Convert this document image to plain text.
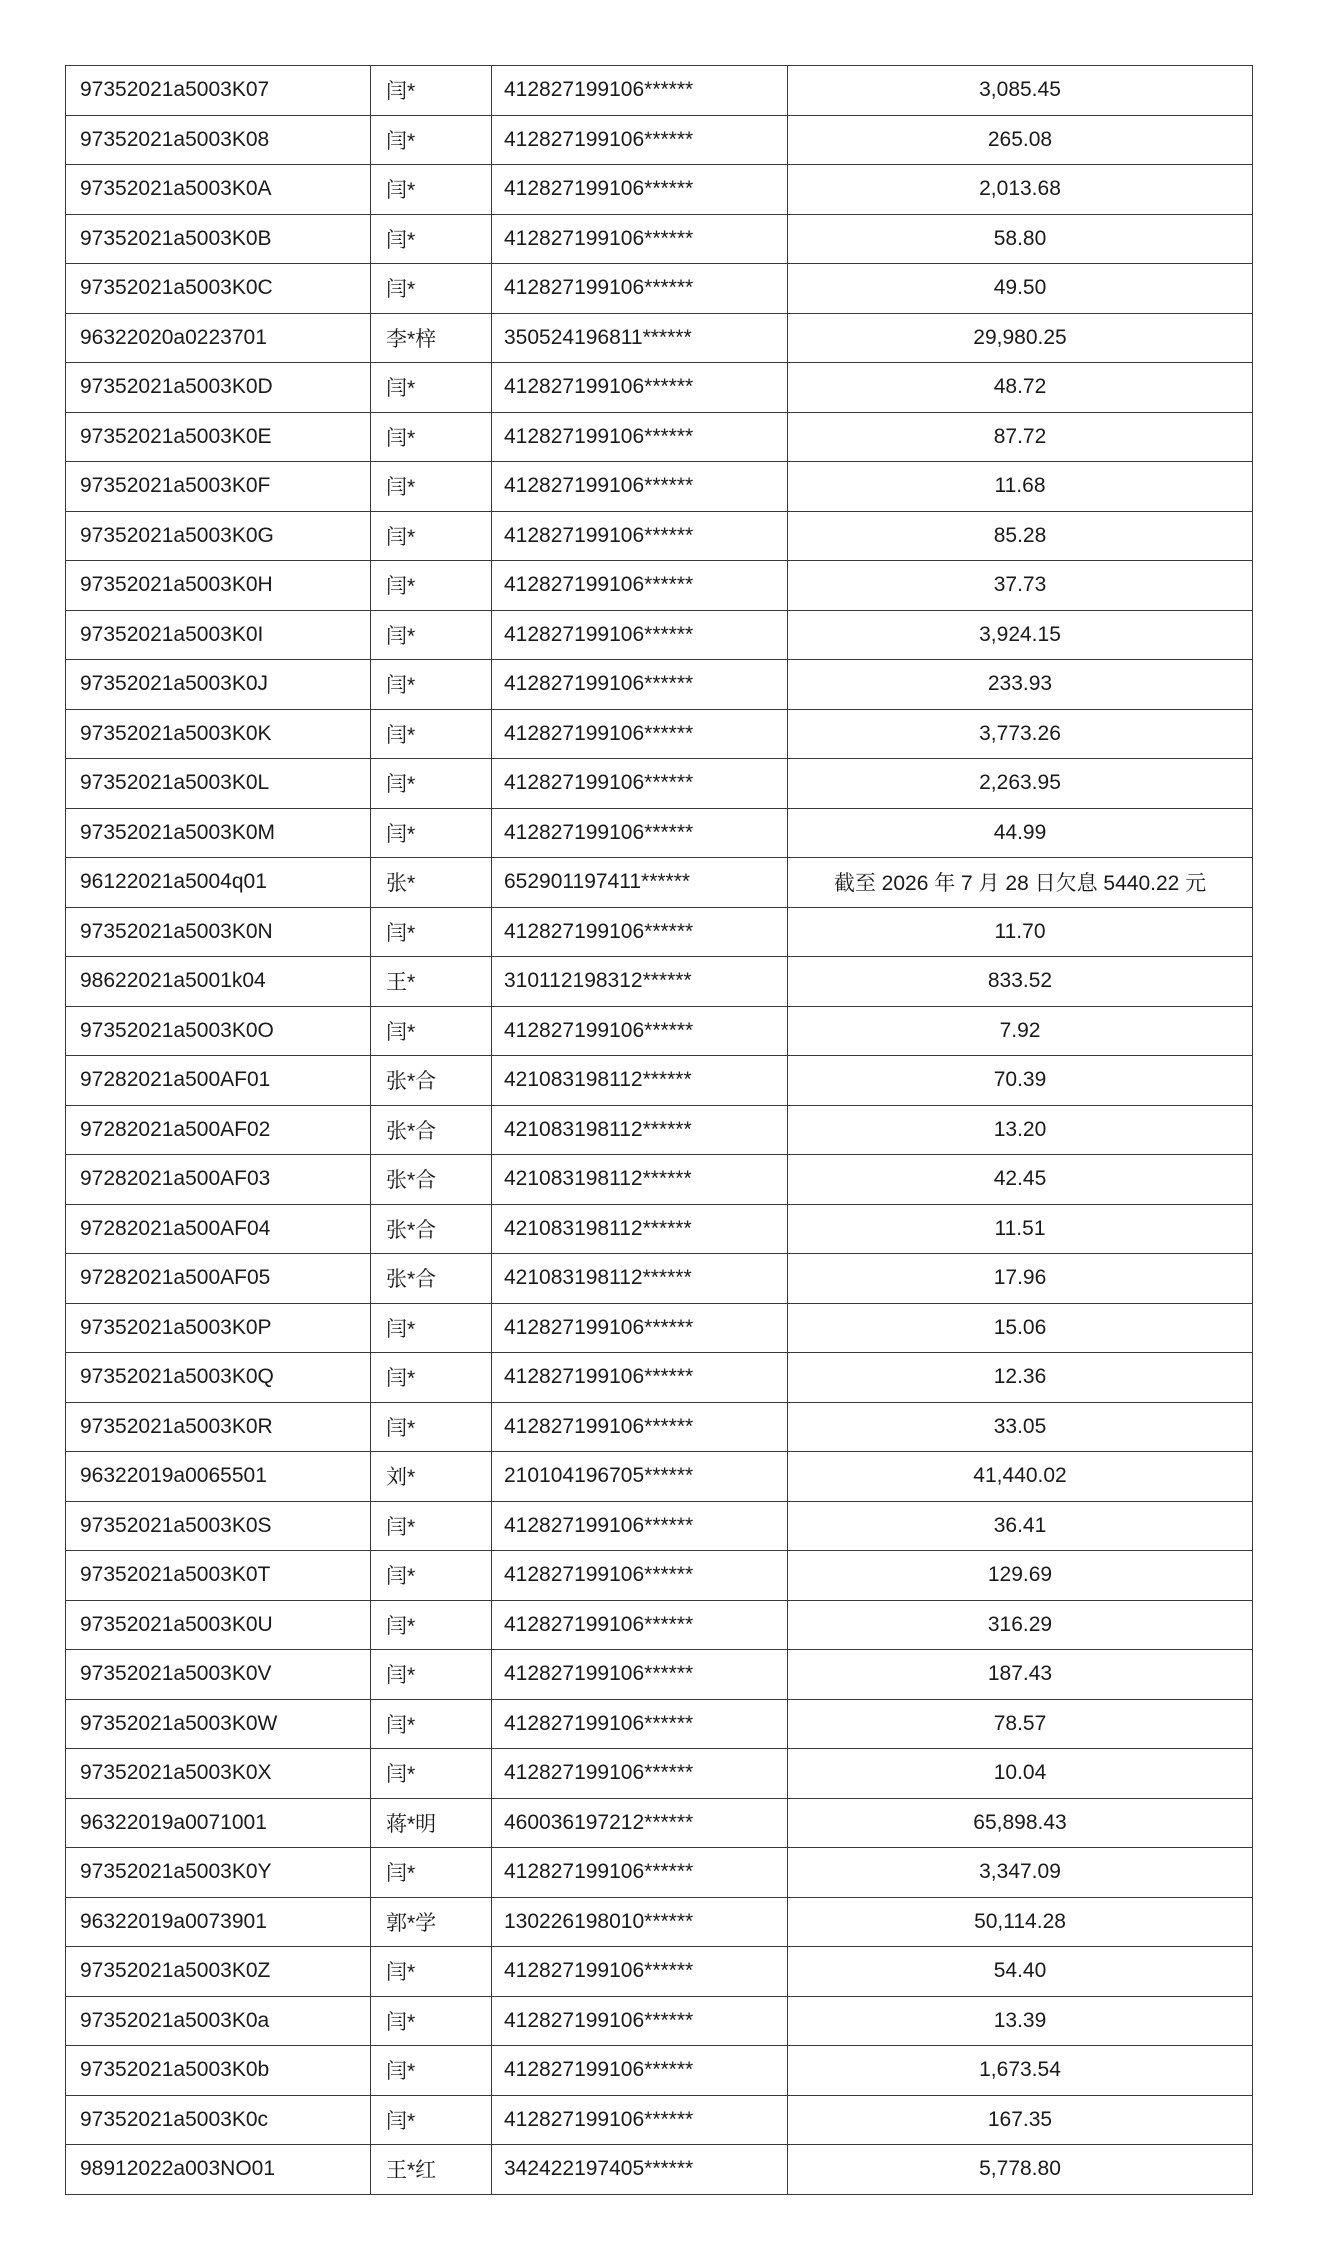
97352021a5003K07	闫*	412827199106******	3,085.45
97352021a5003K08	闫*	412827199106******	265.08
97352021a5003K0A	闫*	412827199106******	2,013.68
97352021a5003K0B	闫*	412827199106******	58.80
97352021a5003K0C	闫*	412827199106******	49.50
96322020a0223701	李*梓	350524196811******	29,980.25
97352021a5003K0D	闫*	412827199106******	48.72
97352021a5003K0E	闫*	412827199106******	87.72
97352021a5003K0F	闫*	412827199106******	11.68
97352021a5003K0G	闫*	412827199106******	85.28
97352021a5003K0H	闫*	412827199106******	37.73
97352021a5003K0I	闫*	412827199106******	3,924.15
97352021a5003K0J	闫*	412827199106******	233.93
97352021a5003K0K	闫*	412827199106******	3,773.26
97352021a5003K0L	闫*	412827199106******	2,263.95
97352021a5003K0M	闫*	412827199106******	44.99
96122021a5004q01	张*	652901197411******	截至 2026 年 7 月 28 日欠息 5440.22 元
97352021a5003K0N	闫*	412827199106******	11.70
98622021a5001k04	王*	310112198312******	833.52
97352021a5003K0O	闫*	412827199106******	7.92
97282021a500AF01	张*合	421083198112******	70.39
97282021a500AF02	张*合	421083198112******	13.20
97282021a500AF03	张*合	421083198112******	42.45
97282021a500AF04	张*合	421083198112******	11.51
97282021a500AF05	张*合	421083198112******	17.96
97352021a5003K0P	闫*	412827199106******	15.06
97352021a5003K0Q	闫*	412827199106******	12.36
97352021a5003K0R	闫*	412827199106******	33.05
96322019a0065501	刘*	210104196705******	41,440.02
97352021a5003K0S	闫*	412827199106******	36.41
97352021a5003K0T	闫*	412827199106******	129.69
97352021a5003K0U	闫*	412827199106******	316.29
97352021a5003K0V	闫*	412827199106******	187.43
97352021a5003K0W	闫*	412827199106******	78.57
97352021a5003K0X	闫*	412827199106******	10.04
96322019a0071001	蒋*明	460036197212******	65,898.43
97352021a5003K0Y	闫*	412827199106******	3,347.09
96322019a0073901	郭*学	130226198010******	50,114.28
97352021a5003K0Z	闫*	412827199106******	54.40
97352021a5003K0a	闫*	412827199106******	13.39
97352021a5003K0b	闫*	412827199106******	1,673.54
97352021a5003K0c	闫*	412827199106******	167.35
98912022a003NO01	王*红	342422197405******	5,778.80
